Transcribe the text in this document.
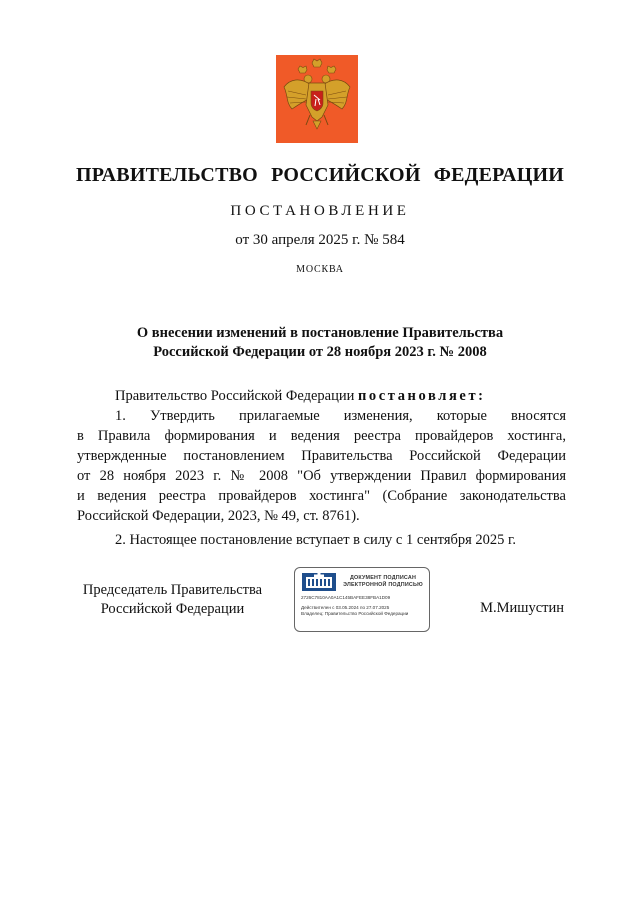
ПРАВИТЕЛЬСТВО РОССИЙСКОЙ ФЕДЕРАЦИИ
ПОСТАНОВЛЕНИЕ
от 30 апреля 2025 г. № 584
МОСКВА
О внесении изменений в постановление Правительства
Российской Федерации от 28 ноября 2023 г. № 2008
Правительство Российской Федерации постановляет:
1. Утвердить прилагаемые изменения, которые вносятся
в Правила формирования и ведения реестра провайдеров хостинга,
утвержденные постановлением Правительства Российской Федерации
от 28 ноября 2023 г. № 2008 "Об утверждении Правил формирования
и ведения реестра провайдеров хостинга" (Собрание законодательства
Российской Федерации, 2023, № 49, ст. 8761).
2. Настоящее постановление вступает в силу с 1 сентября 2025 г.
Председатель Правительства
Российской Федерации
ДОКУМЕНТ ПОДПИСАН
ЭЛЕКТРОННОЙ ПОДПИСЬЮ
2726C7810AA0A1C145BAFEE38FBA1D09
Действителен с 03.05.2024 по 27.07.2025
Владелец: Правительство Российской Федерации	М.Мишустин
